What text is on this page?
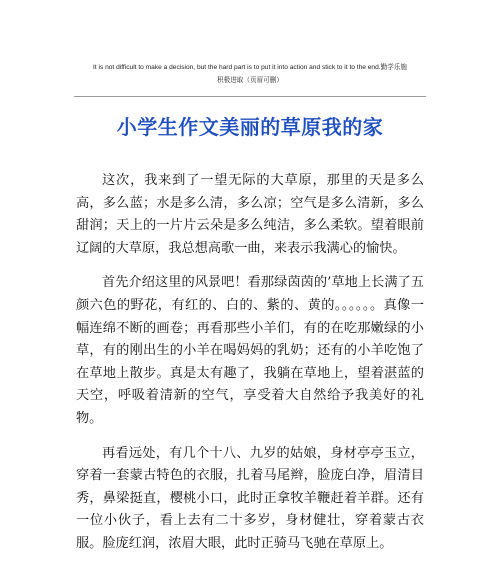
It is not difficult to make a decision, but the hard part is to put it into action and stick to it to the end.勤学乐施
积极进取（页眉可删）
小学生作文美丽的草原我的家

这次，我来到了一望无际的大草原，那里的天是多么高，多么蓝；水是多么清，多么凉；空气是多么清新，多么甜润；天上的一片片云朵是多么纯洁，多么柔软。望着眼前辽阔的大草原，我总想高歌一曲，来表示我满心的愉快。

首先介绍这里的风景吧！看那绿茵茵的’草地上长满了五颜六色的野花，有红的、白的、紫的、黄的。。。。。。真像一幅连绵不断的画卷；再看那些小羊们，有的在吃那嫩绿的小草，有的刚出生的小羊在喝妈妈的乳奶；还有的小羊吃饱了在草地上散步。真是太有趣了，我躺在草地上，望着湛蓝的天空，呼吸着清新的空气，享受着大自然给予我美好的礼物。

再看远处，有几个十八、九岁的姑娘，身材亭亭玉立，穿着一套蒙古特色的衣服，扎着马尾辫，脸庞白净，眉清目秀，鼻梁挺直，樱桃小口，此时正拿牧羊鞭赶着羊群。还有一位小伙子，看上去有二十多岁，身材健壮，穿着蒙古衣服。脸庞红润，浓眉大眼，此时正骑马飞驰在草原上。
